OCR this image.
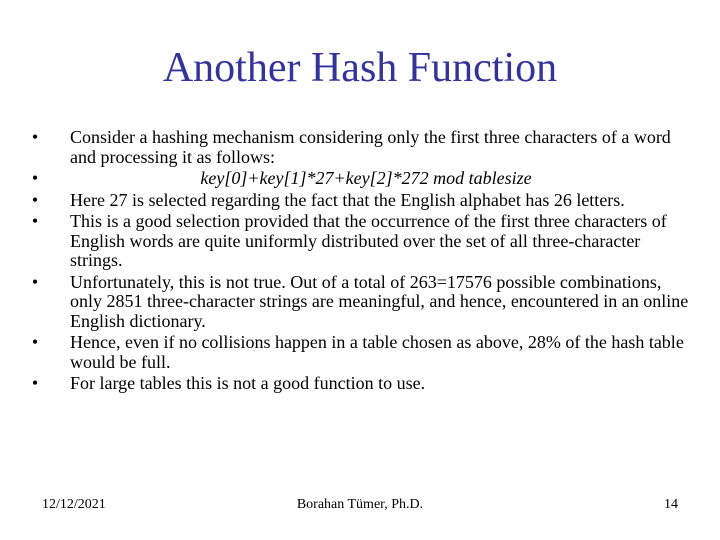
Another Hash Function
• Consider a hashing mechanism considering only the first three characters of a word and processing it as follows:
•	key[0]+key[1]*27+key[2]*272 mod tablesize
• Here 27 is selected regarding the fact that the English alphabet has 26 letters.
• This is a good selection provided that the occurrence of the first three characters of English words are quite uniformly distributed over the set of all three-character strings.
• Unfortunately, this is not true. Out of a total of 263=17576 possible combinations, only 2851 three-character strings are meaningful, and hence, encountered in an online English dictionary.
• Hence, even if no collisions happen in a table chosen as above, 28% of the hash table would be full.
• For large tables this is not a good function to use.
12/12/2021	Borahan Tümer, Ph.D.	14
